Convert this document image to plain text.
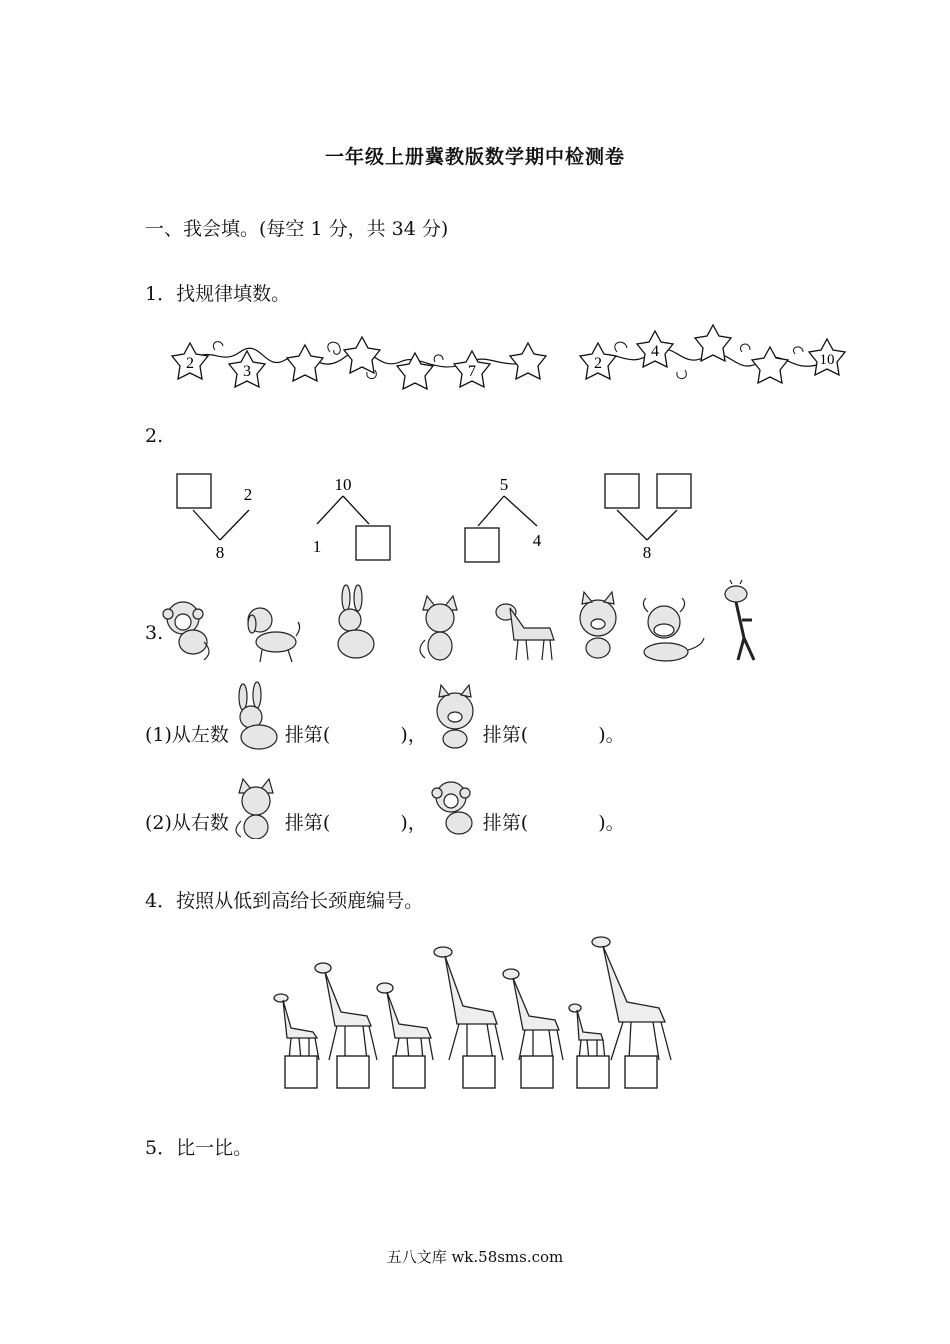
一年级上册冀教版数学期中检测卷
一、我会填。(每空 1 分，共 34 分)
1．找规律填数。
2	3	7	2
4	10
2.
2
8
10
1
5
4
8
3.
(1)从左数	排第(	)，	排第(	)。
(2)从右数	排第(	)，	排第(	)。
4．按照从低到高给长颈鹿编号。
5．比一比。
五八文库 wk.58sms.com
